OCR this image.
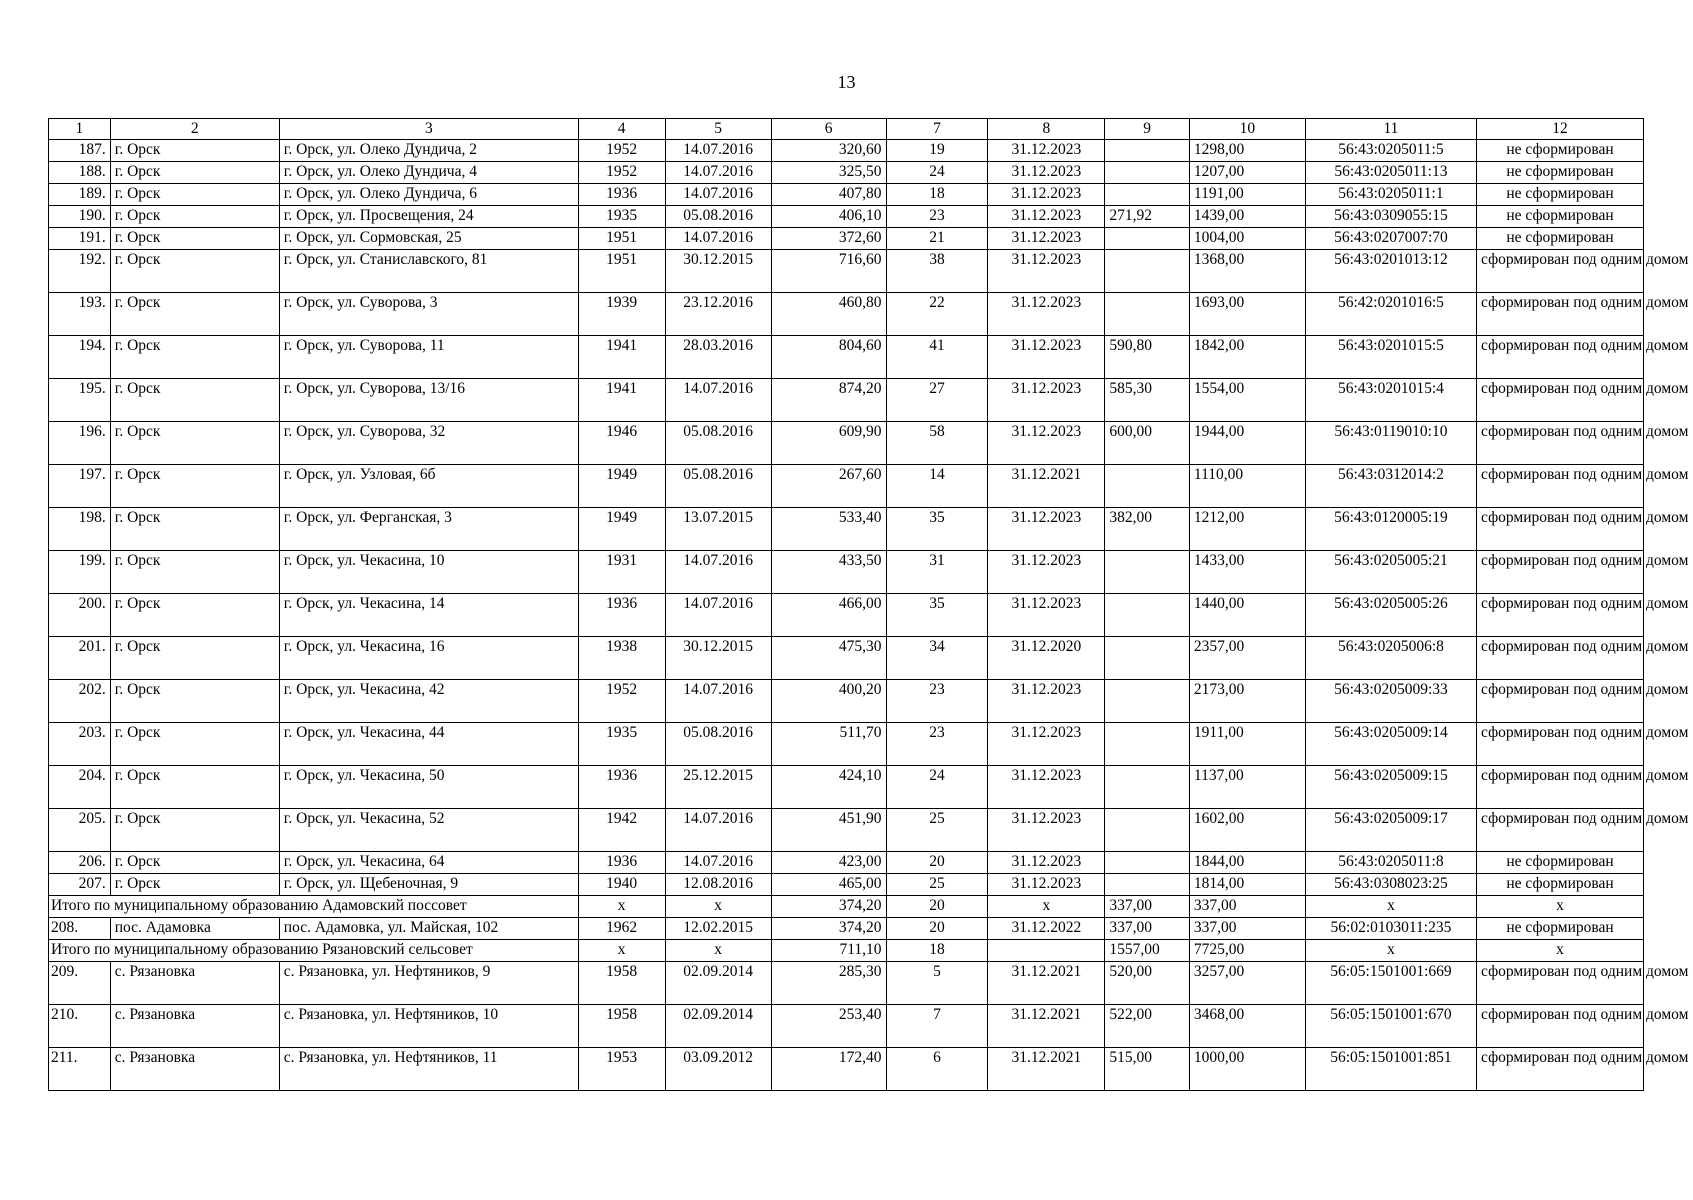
13
1	2	3	4	5	6	7	8	9	10	11	12
187.	г. Орск	г. Орск, ул. Олеко Дундича, 2	1952	14.07.2016	320,60	19	31.12.2023		1298,00	56:43:0205011:5	не сформирован
188.	г. Орск	г. Орск, ул. Олеко Дундича, 4	1952	14.07.2016	325,50	24	31.12.2023		1207,00	56:43:0205011:13	не сформирован
189.	г. Орск	г. Орск, ул. Олеко Дундича, 6	1936	14.07.2016	407,80	18	31.12.2023		1191,00	56:43:0205011:1	не сформирован
190.	г. Орск	г. Орск, ул. Просвещения, 24	1935	05.08.2016	406,10	23	31.12.2023	271,92	1439,00	56:43:0309055:15	не сформирован
191.	г. Орск	г. Орск, ул. Сормовская, 25	1951	14.07.2016	372,60	21	31.12.2023		1004,00	56:43:0207007:70	не сформирован
192.	г. Орск	г. Орск, ул. Станиславского, 81	1951	30.12.2015	716,60	38	31.12.2023		1368,00	56:43:0201013:12	сформирован под одним домом
193.	г. Орск	г. Орск, ул. Суворова, 3	1939	23.12.2016	460,80	22	31.12.2023		1693,00	56:42:0201016:5	сформирован под одним домом
194.	г. Орск	г. Орск, ул. Суворова, 11	1941	28.03.2016	804,60	41	31.12.2023	590,80	1842,00	56:43:0201015:5	сформирован под одним домом
195.	г. Орск	г. Орск, ул. Суворова, 13/16	1941	14.07.2016	874,20	27	31.12.2023	585,30	1554,00	56:43:0201015:4	сформирован под одним домом
196.	г. Орск	г. Орск, ул. Суворова, 32	1946	05.08.2016	609,90	58	31.12.2023	600,00	1944,00	56:43:0119010:10	сформирован под одним домом
197.	г. Орск	г. Орск, ул. Узловая, 6б	1949	05.08.2016	267,60	14	31.12.2021		1110,00	56:43:0312014:2	сформирован под одним домом
198.	г. Орск	г. Орск, ул. Ферганская, 3	1949	13.07.2015	533,40	35	31.12.2023	382,00	1212,00	56:43:0120005:19	сформирован под одним домом
199.	г. Орск	г. Орск, ул. Чекасина, 10	1931	14.07.2016	433,50	31	31.12.2023		1433,00	56:43:0205005:21	сформирован под одним домом
200.	г. Орск	г. Орск, ул. Чекасина, 14	1936	14.07.2016	466,00	35	31.12.2023		1440,00	56:43:0205005:26	сформирован под одним домом
201.	г. Орск	г. Орск, ул. Чекасина, 16	1938	30.12.2015	475,30	34	31.12.2020		2357,00	56:43:0205006:8	сформирован под одним домом
202.	г. Орск	г. Орск, ул. Чекасина, 42	1952	14.07.2016	400,20	23	31.12.2023		2173,00	56:43:0205009:33	сформирован под одним домом
203.	г. Орск	г. Орск, ул. Чекасина, 44	1935	05.08.2016	511,70	23	31.12.2023		1911,00	56:43:0205009:14	сформирован под одним домом
204.	г. Орск	г. Орск, ул. Чекасина, 50	1936	25.12.2015	424,10	24	31.12.2023		1137,00	56:43:0205009:15	сформирован под одним домом
205.	г. Орск	г. Орск, ул. Чекасина, 52	1942	14.07.2016	451,90	25	31.12.2023		1602,00	56:43:0205009:17	сформирован под одним домом
206.	г. Орск	г. Орск, ул. Чекасина, 64	1936	14.07.2016	423,00	20	31.12.2023		1844,00	56:43:0205011:8	не сформирован
207.	г. Орск	г. Орск, ул. Щебеночная, 9	1940	12.08.2016	465,00	25	31.12.2023		1814,00	56:43:0308023:25	не сформирован
Итого по муниципальному образованию Адамовский поссовет			x	x	374,20	20	x	337,00	337,00	x	x
208.	пос. Адамовка	пос. Адамовка, ул. Майская, 102	1962	12.02.2015	374,20	20	31.12.2022	337,00	337,00	56:02:0103011:235	не сформирован
Итого по муниципальному образованию Рязановский сельсовет			x	x	711,10	18		1557,00	7725,00	x	x
209.	с. Рязановка	с. Рязановка, ул. Нефтяников, 9	1958	02.09.2014	285,30	5	31.12.2021	520,00	3257,00	56:05:1501001:669	сформирован под одним домом
210.	с. Рязановка	с. Рязановка, ул. Нефтяников, 10	1958	02.09.2014	253,40	7	31.12.2021	522,00	3468,00	56:05:1501001:670	сформирован под одним домом
211.	с. Рязановка	с. Рязановка, ул. Нефтяников, 11	1953	03.09.2012	172,40	6	31.12.2021	515,00	1000,00	56:05:1501001:851	сформирован под одним домом
